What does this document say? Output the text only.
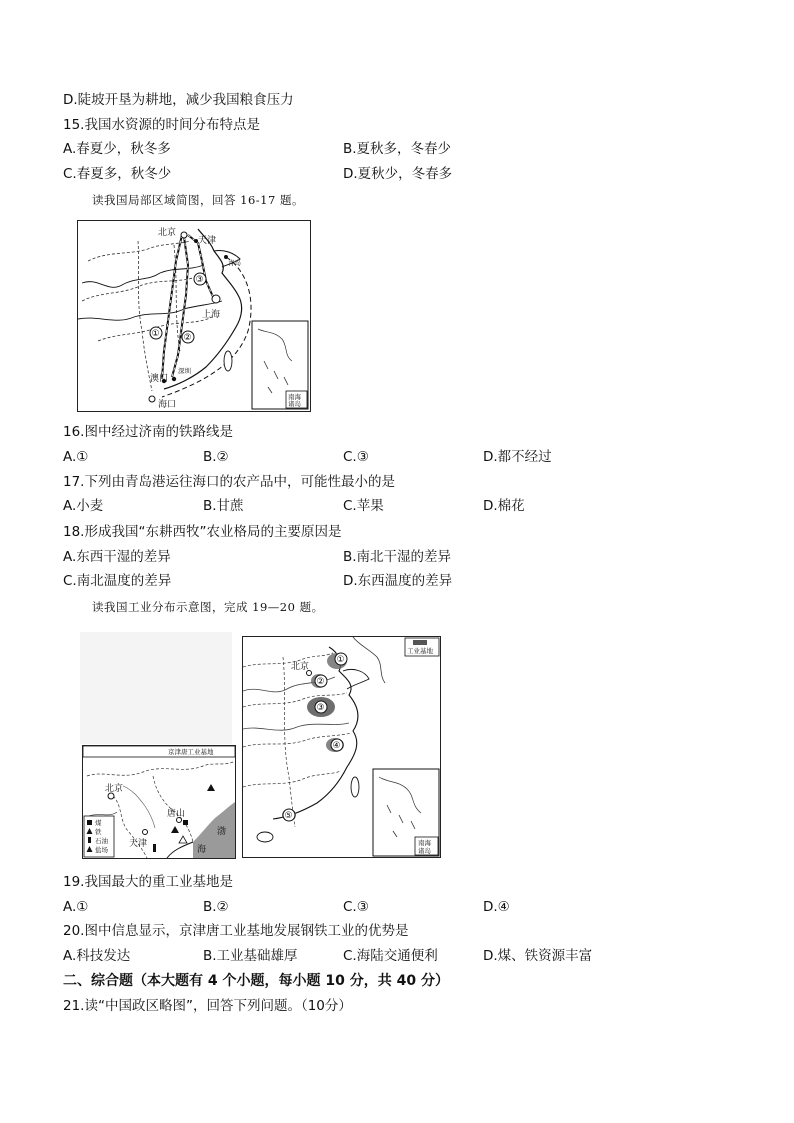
D.陡坡开垦为耕地，减少我国粮食压力
15.我国水资源的时间分布特点是
A.春夏少，秋冬多	B.夏秋多，冬春少
C.春夏多，秋冬少	D.夏秋少，冬春多
读我国局部区域简图，回答 16-17 题。
北京
天津
青岛
上海
澳门
深圳
海口
①	②
③
南海
诸岛
16.图中经过济南的铁路线是
A.①	B.②	C.③	D.都不经过
17.下列由青岛港运往海口的农产品中，可能性最小的是
A.小麦	B.甘蔗	C.苹果	D.棉花
18.形成我国“东耕西牧”农业格局的主要原因是
A.东西干湿的差异	B.南北干湿的差异
C.南北温度的差异	D.东西温度的差异
读我国工业分布示意图，完成 19—20 题。
京津唐工业基地
北京
唐山
天津
渤
海
煤
铁
石油
盐场
工业基地
北京
①
②
③
④
⑤
南海
诸岛
19.我国最大的重工业基地是
A.①	B.②	C.③	D.④
20.图中信息显示，京津唐工业基地发展钢铁工业的优势是
A.科技发达	B.工业基础雄厚	C.海陆交通便利	D.煤、铁资源丰富
二、综合题（本大题有 4 个小题，每小题 10 分，共 40 分）
21.读“中国政区略图”，回答下列问题。（10分）
